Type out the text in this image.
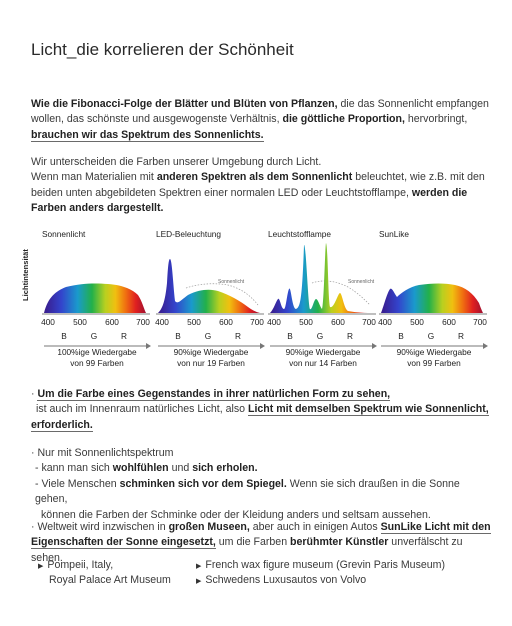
Licht_die korrelieren der Schönheit
Wie die Fibonacci-Folge der Blätter und Blüten von Pflanzen, die das Sonnenlicht empfangen wollen, das schönste und ausgewogenste Verhältnis, die göttliche Proportion, hervorbringt, brauchen wir das Spektrum des Sonnenlichts.
Wir unterscheiden die Farben unserer Umgebung durch Licht.
Wenn man Materialien mit anderen Spektren als dem Sonnenlicht beleuchtet, wie z.B. mit den beiden unten abgebildeten Spektren einer normalen LED oder Leuchtstofflampe, werden die Farben anders dargestellt.
Lichtintensität
Sonnenlicht
400 500 600 700
B	G	R
100%ige Wiedergabe
von 99 Farben
LED-Beleuchtung
Sonnenlicht
400 500 600 700
B	G	R
90%ige Wiedergabe
von nur 19 Farben
Leuchtstofflampe
Sonnenlicht
400 500 600 700
B	G	R
90%ige Wiedergabe
von nur 14 Farben
SunLike
400 500 600 700
B	G	R
90%ige Wiedergabe
von 99 Farben
· Um die Farbe eines Gegenstandes in ihrer natürlichen Form zu sehen,
ist auch im Innenraum natürliches Licht, also Licht mit demselben Spektrum wie Sonnenlicht, erforderlich.
· Nur mit Sonnenlichtspektrum
- kann man sich wohlfühlen und sich erholen.
- Viele Menschen schminken sich vor dem Spiegel. Wenn sie sich draußen in die Sonne gehen,
können die Farben der Schminke oder der Kleidung anders und seltsam aussehen.
· Weltweit wird inzwischen in großen Museen, aber auch in einigen Autos SunLike Licht mit den Eigenschaften der Sonne eingesetzt, um die Farben berühmter Künstler unverfälscht zu sehen.
▶ Pompeii, Italy,	▶ French wax figure museum (Grevin Paris Museum)
Royal Palace Art Museum	▶ Schwedens Luxusautos von Volvo
